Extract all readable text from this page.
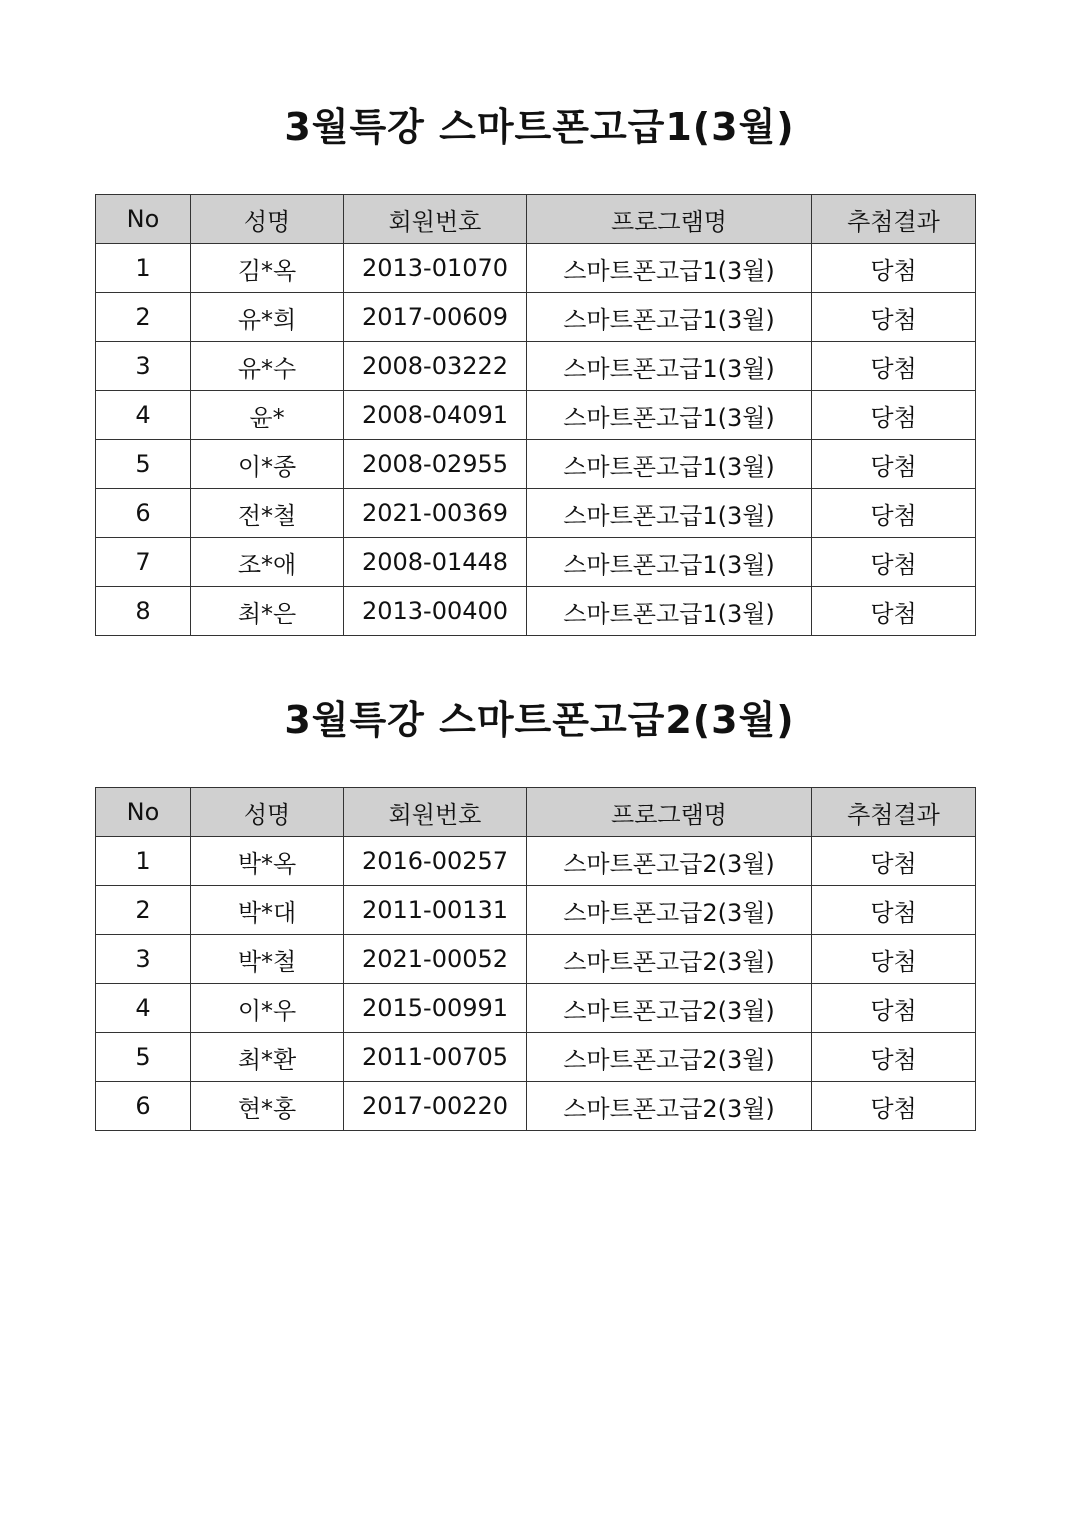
3월특강 스마트폰고급1(3월)
No	성명	회원번호	프로그램명	추첨결과
1	김*옥	2013-01070	스마트폰고급1(3월)	당첨
2	유*희	2017-00609	스마트폰고급1(3월)	당첨
3	유*수	2008-03222	스마트폰고급1(3월)	당첨
4	윤*	2008-04091	스마트폰고급1(3월)	당첨
5	이*종	2008-02955	스마트폰고급1(3월)	당첨
6	전*철	2021-00369	스마트폰고급1(3월)	당첨
7	조*애	2008-01448	스마트폰고급1(3월)	당첨
8	최*은	2013-00400	스마트폰고급1(3월)	당첨
3월특강 스마트폰고급2(3월)
No	성명	회원번호	프로그램명	추첨결과
1	박*옥	2016-00257	스마트폰고급2(3월)	당첨
2	박*대	2011-00131	스마트폰고급2(3월)	당첨
3	박*철	2021-00052	스마트폰고급2(3월)	당첨
4	이*우	2015-00991	스마트폰고급2(3월)	당첨
5	최*환	2011-00705	스마트폰고급2(3월)	당첨
6	현*홍	2017-00220	스마트폰고급2(3월)	당첨
